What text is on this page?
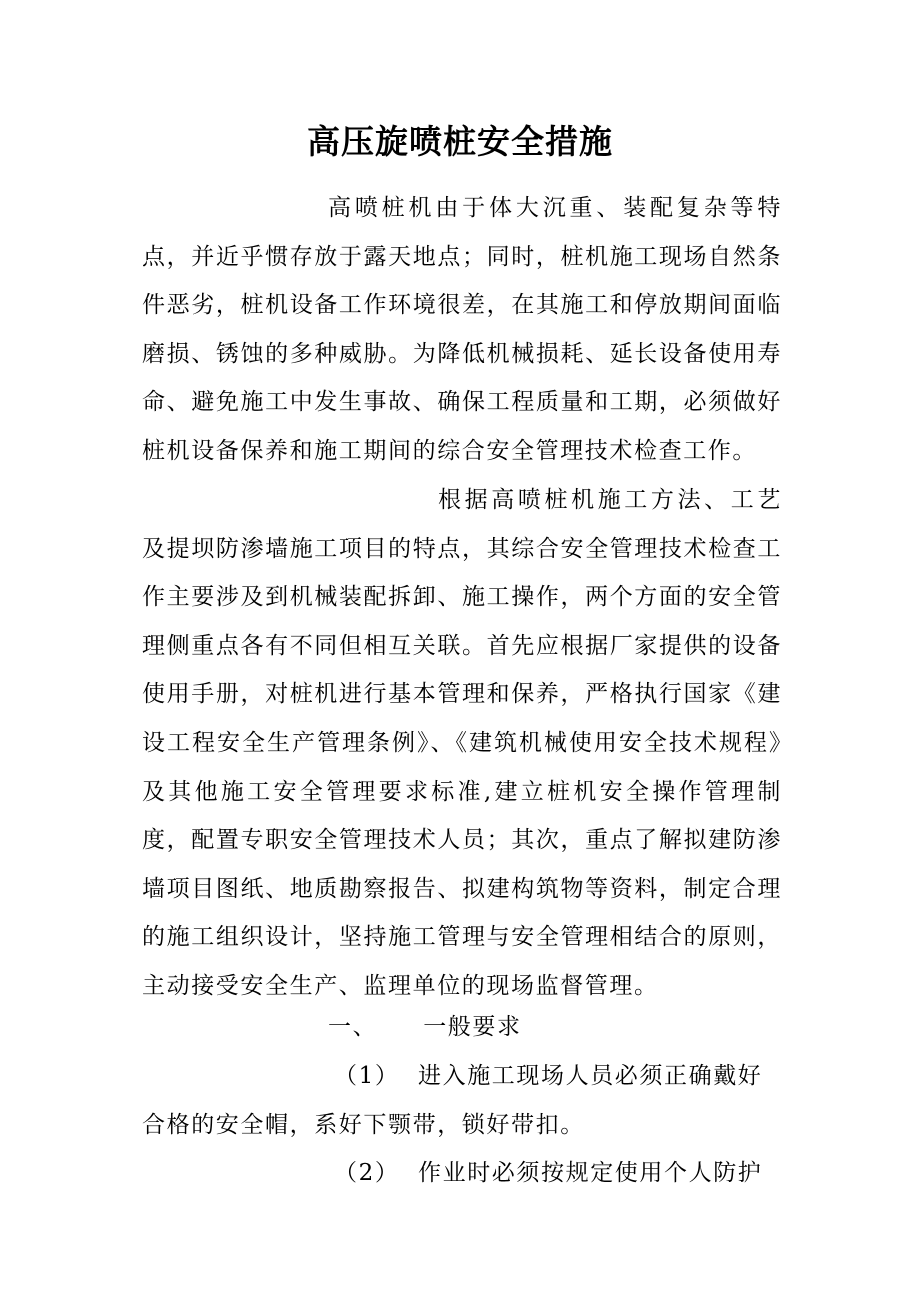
高压旋喷桩安全措施

高喷桩机由于体大沉重、装配复杂等特点，并近乎惯存放于露天地点；同时，桩机施工现场自然条件恶劣，桩机设备工作环境很差，在其施工和停放期间面临磨损、锈蚀的多种威胁。为降低机械损耗、延长设备使用寿命、避免施工中发生事故、确保工程质量和工期，必须做好桩机设备保养和施工期间的综合安全管理技术检查工作。

根据高喷桩机施工方法、工艺及提坝防渗墙施工项目的特点，其综合安全管理技术检查工作主要涉及到机械装配拆卸、施工操作，两个方面的安全管理侧重点各有不同但相互关联。首先应根据厂家提供的设备使用手册，对桩机进行基本管理和保养，严格执行国家《建设工程安全生产管理条例》、《建筑机械使用安全技术规程》及其他施工安全管理要求标准,建立桩机安全操作管理制度，配置专职安全管理技术人员；其次，重点了解拟建防渗墙项目图纸、地质勘察报告、拟建构筑物等资料，制定合理的施工组织设计，坚持施工管理与安全管理相结合的原则，主动接受安全生产、监理单位的现场监督管理。

一、 一般要求
（1） 进入施工现场人员必须正确戴好
合格的安全帽，系好下颚带，锁好带扣。
（2） 作业时必须按规定使用个人防护
